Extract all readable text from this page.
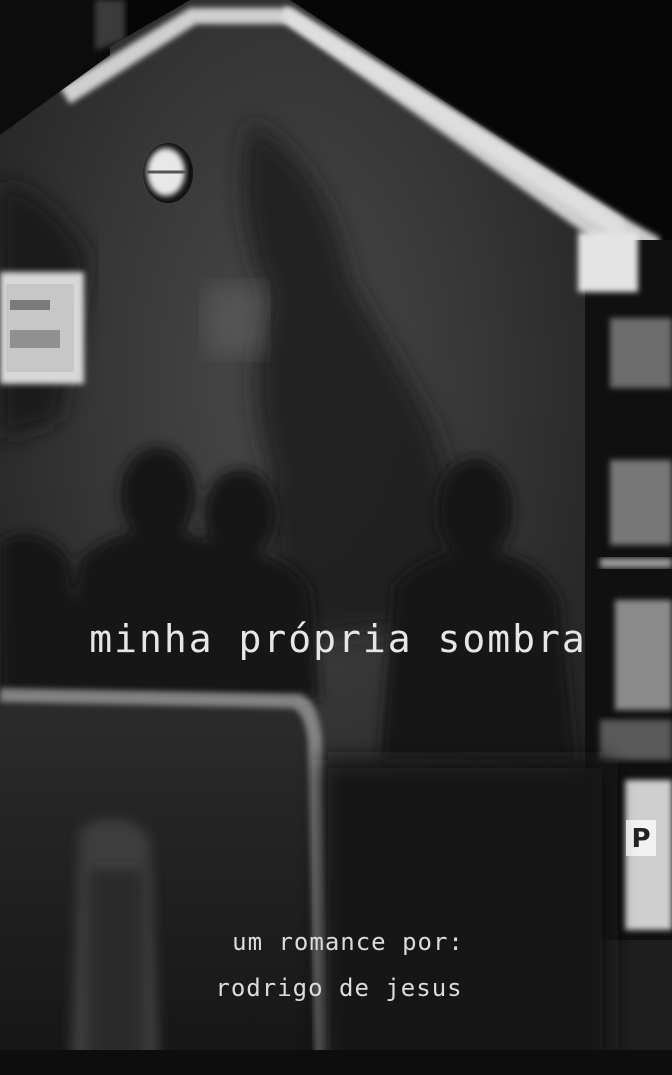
P
minha própria sombra
um romance por:
rodrigo de jesus
